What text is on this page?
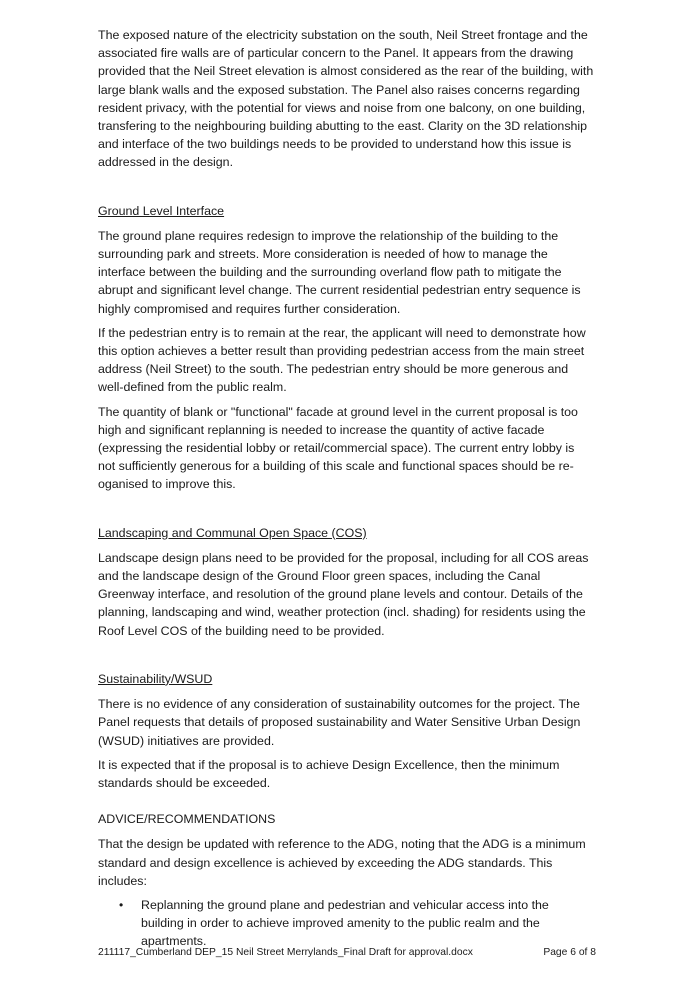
The exposed nature of the electricity substation on the south, Neil Street frontage and the associated fire walls are of particular concern to the Panel. It appears from the drawing provided that the Neil Street elevation is almost considered as the rear of the building, with large blank walls and the exposed substation. The Panel also raises concerns regarding resident privacy, with the potential for views and noise from one balcony, on one building, transfering to the neighbouring building abutting to the east. Clarity on the 3D relationship and interface of the two buildings needs to be provided to understand how this issue is addressed in the design.

Ground Level Interface

The ground plane requires redesign to improve the relationship of the building to the surrounding park and streets. More consideration is needed of how to manage the interface between the building and the surrounding overland flow path to mitigate the abrupt and significant level change. The current residential pedestrian entry sequence is highly compromised and requires further consideration.

If the pedestrian entry is to remain at the rear, the applicant will need to demonstrate how this option achieves a better result than providing pedestrian access from the main street address (Neil Street) to the south. The pedestrian entry should be more generous and well-defined from the public realm.

The quantity of blank or "functional" facade at ground level in the current proposal is too high and significant replanning is needed to increase the quantity of active facade (expressing the residential lobby or retail/commercial space). The current entry lobby is not sufficiently generous for a building of this scale and functional spaces should be re-oganised to improve this.

Landscaping and Communal Open Space (COS)

Landscape design plans need to be provided for the proposal, including for all COS areas and the landscape design of the Ground Floor green spaces, including the Canal Greenway interface, and resolution of the ground plane levels and contour. Details of the planning, landscaping and wind, weather protection (incl. shading) for residents using the Roof Level COS of the building need to be provided.

Sustainability/WSUD

There is no evidence of any consideration of sustainability outcomes for the project. The Panel requests that details of proposed sustainability and Water Sensitive Urban Design (WSUD) initiatives are provided.

It is expected that if the proposal is to achieve Design Excellence, then the minimum standards should be exceeded.

ADVICE/RECOMMENDATIONS

That the design be updated with reference to the ADG, noting that the ADG is a minimum standard and design excellence is achieved by exceeding the ADG standards. This includes:

• Replanning the ground plane and pedestrian and vehicular access into the building in order to achieve improved amenity to the public realm and the apartments.
211117_Cumberland DEP_15 Neil Street Merrylands_Final Draft for approval.docx	Page 6 of 8
